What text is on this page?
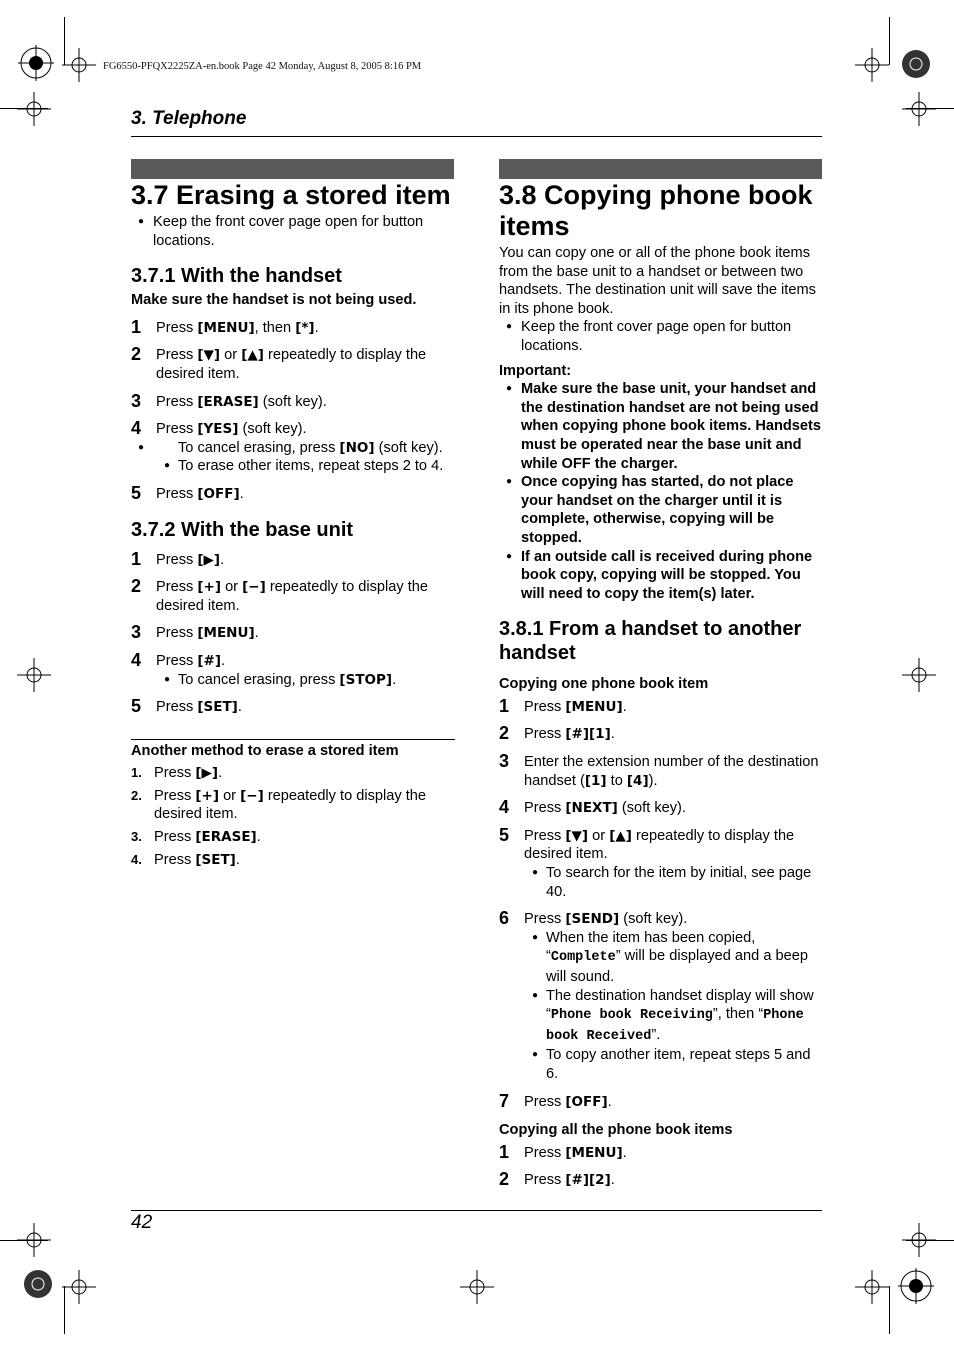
FG6550-PFQX2225ZA-en.book Page 42 Monday, August 8, 2005 8:16 PM
3. Telephone
3.7 Erasing a stored item
● Keep the front cover page open for button locations.
3.7.1 With the handset

Make sure the handset is not being used.

1 Press [MENU], then [*].
2 Press [▼] or [▲] repeatedly to display the desired item.
3 Press [ERASE] (soft key).
4 Press [YES] (soft key).
● To cancel erasing, press [NO] (soft key).
● To erase other items, repeat steps 2 to 4.
5 Press [OFF].
3.7.2 With the base unit
1 Press [▶].
2 Press [+] or [−] repeatedly to display the desired item.
3 Press [MENU].
4 Press [#].
● To cancel erasing, press [STOP].
5 Press [SET].

Another method to erase a stored item

1. Press [▶].
2. Press [+] or [−] repeatedly to display the desired item.
3. Press [ERASE].
4. Press [SET].
3.8 Copying phone book items

You can copy one or all of the phone book items from the base unit to a handset or between two handsets. The destination unit will save the items in its phone book.

● Keep the front cover page open for button locations.

Important:

● Make sure the base unit, your handset and the destination handset are not being used when copying phone book items. Handsets must be operated near the base unit and while OFF the charger.
● Once copying has started, do not place your handset on the charger until it is complete, otherwise, copying will be stopped.
● If an outside call is received during phone book copy, copying will be stopped. You will need to copy the item(s) later.
3.8.1 From a handset to another handset

Copying one phone book item

1 Press [MENU].
2 Press [#][1].
3 Enter the extension number of the destination handset ([1] to [4]).
4 Press [NEXT] (soft key).
5 Press [▼] or [▲] repeatedly to display the desired item.
● To search for the item by initial, see page 40.
6 Press [SEND] (soft key).
● When the item has been copied, “Complete” will be displayed and a beep will sound.
● The destination handset display will show “Phone book Receiving”, then “Phone book Received”.
● To copy another item, repeat steps 5 and 6.
7 Press [OFF].

Copying all the phone book items

1 Press [MENU].
2 Press [#][2].
42
